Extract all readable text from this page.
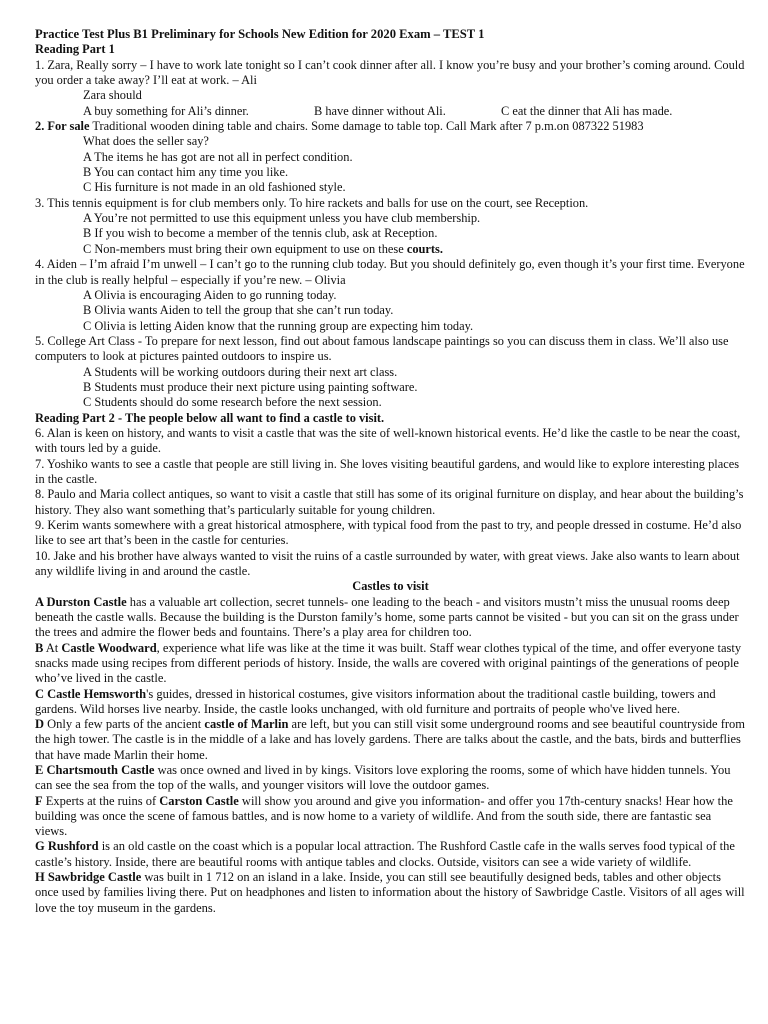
Practice Test Plus B1 Preliminary for Schools New Edition for 2020 Exam – TEST 1

Reading Part 1

1. Zara, Really sorry – I have to work late tonight so I can’t cook dinner after all. I know you’re busy and your brother’s coming around. Could you order a take away? I’ll eat at work. – Ali

Zara should

A buy something for Ali’s dinner.	B have dinner without Ali.	C eat the dinner that Ali has made.

2. For sale Traditional wooden dining table and chairs. Some damage to table top. Call Mark after 7 p.m.on 087322 51983

What does the seller say?

A The items he has got are not all in perfect condition.

B You can contact him any time you like.

C His furniture is not made in an old fashioned style.

3. This tennis equipment is for club members only. To hire rackets and balls for use on the court, see Reception.

A You’re not permitted to use this equipment unless you have club membership.

B If you wish to become a member of the tennis club, ask at Reception.

C Non-members must bring their own equipment to use on these courts.

4. Aiden – I’m afraid I’m unwell – I can’t go to the running club today. But you should definitely go, even though it’s your first time. Everyone in the club is really helpful – especially if you’re new. – Olivia

A Olivia is encouraging Aiden to go running today.

B Olivia wants Aiden to tell the group that she can’t run today.

C Olivia is letting Aiden know that the running group are expecting him today.

5. College Art Class - To prepare for next lesson, find out about famous landscape paintings so you can discuss them in class. We’ll also use computers to look at pictures painted outdoors to inspire us.

A Students will be working outdoors during their next art class.

B Students must produce their next picture using painting software.

C Students should do some research before the next session.

Reading Part 2 - The people below all want to find a castle to visit.

6. Alan is keen on history, and wants to visit a castle that was the site of well-known historical events. He’d like the castle to be near the coast, with tours led by a guide.

7. Yoshiko wants to see a castle that people are still living in. She loves visiting beautiful gardens, and would like to explore interesting places in the castle.

8. Paulo and Maria collect antiques, so want to visit a castle that still has some of its original furniture on display, and hear about the building’s history. They also want something that’s particularly suitable for young children.

9. Kerim wants somewhere with a great historical atmosphere, with typical food from the past to try, and people dressed in costume. He’d also like to see art that’s been in the castle for centuries.

10. Jake and his brother have always wanted to visit the ruins of a castle surrounded by water, with great views. Jake also wants to learn about any wildlife living in and around the castle.

Castles to visit

A Durston Castle has a valuable art collection, secret tunnels- one leading to the beach - and visitors mustn’t miss the unusual rooms deep beneath the castle walls. Because the building is the Durston family’s home, some parts cannot be visited - but you can sit on the grass under the trees and admire the flower beds and fountains. There’s a play area for children too.

B At Castle Woodward, experience what life was like at the time it was built. Staff wear clothes typical of the time, and offer everyone tasty snacks made using recipes from different periods of history. Inside, the walls are covered with original paintings of the generations of people who’ve lived in the castle.

C Castle Hemsworth's guides, dressed in historical costumes, give visitors information about the traditional castle building, towers and gardens. Wild horses live nearby. Inside, the castle looks unchanged, with old furniture and portraits of people who've lived here.

D Only a few parts of the ancient castle of Marlin are left, but you can still visit some underground rooms and see beautiful countryside from the high tower. The castle is in the middle of a lake and has lovely gardens. There are talks about the castle, and the bats, birds and butterflies that have made Marlin their home.

E Chartsmouth Castle was once owned and lived in by kings. Visitors love exploring the rooms, some of which have hidden tunnels. You can see the sea from the top of the walls, and younger visitors will love the outdoor games.

F Experts at the ruins of Carston Castle will show you around and give you information- and offer you 17th-century snacks! Hear how the building was once the scene of famous battles, and is now home to a variety of wildlife. And from the south side, there are fantastic sea views.

G Rushford is an old castle on the coast which is a popular local attraction. The Rushford Castle cafe in the walls serves food typical of the castle’s history. Inside, there are beautiful rooms with antique tables and clocks. Outside, visitors can see a wide variety of wildlife.

H Sawbridge Castle was built in 1 712 on an island in a lake. Inside, you can still see beautifully designed beds, tables and other objects once used by families living there. Put on headphones and listen to information about the history of Sawbridge Castle. Visitors of all ages will love the toy museum in the gardens.
